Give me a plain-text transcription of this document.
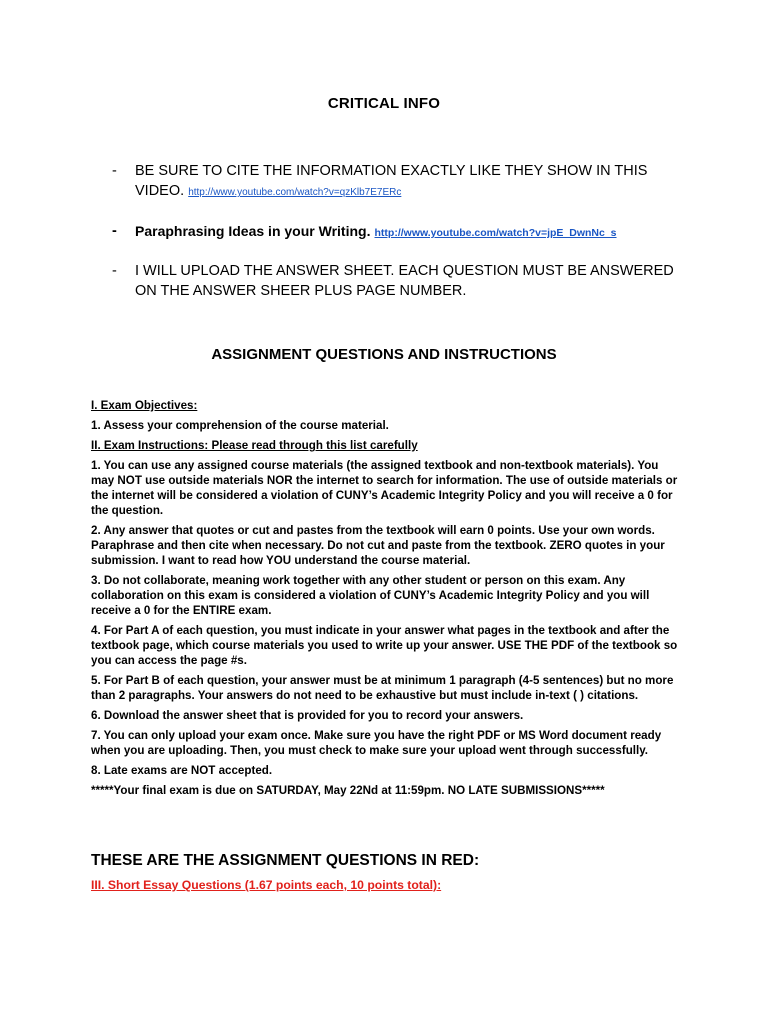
CRITICAL INFO
- BE SURE TO CITE THE INFORMATION EXACTLY LIKE THEY SHOW IN THIS VIDEO. http://www.youtube.com/watch?v=qzKlb7E7ERc
- Paraphrasing Ideas in your Writing. http://www.youtube.com/watch?v=jpE_DwnNc_s
- I WILL UPLOAD THE ANSWER SHEET. EACH QUESTION MUST BE ANSWERED ON THE ANSWER SHEER PLUS PAGE NUMBER.
ASSIGNMENT QUESTIONS AND INSTRUCTIONS

I. Exam Objectives:

1. Assess your comprehension of the course material.

II. Exam Instructions: Please read through this list carefully

1. You can use any assigned course materials (the assigned textbook and non-textbook materials). You may NOT use outside materials NOR the internet to search for information. The use of outside materials or the internet will be considered a violation of CUNY’s Academic Integrity Policy and you will receive a 0 for the question.

2. Any answer that quotes or cut and pastes from the textbook will earn 0 points. Use your own words. Paraphrase and then cite when necessary. Do not cut and paste from the textbook. ZERO quotes in your submission. I want to read how YOU understand the course material.

3. Do not collaborate, meaning work together with any other student or person on this exam. Any collaboration on this exam is considered a violation of CUNY’s Academic Integrity Policy and you will receive a 0 for the ENTIRE exam.

4. For Part A of each question, you must indicate in your answer what pages in the textbook and after the textbook page, which course materials you used to write up your answer. USE THE PDF of the textbook so you can access the page #s.

5. For Part B of each question, your answer must be at minimum 1 paragraph (4-5 sentences) but no more than 2 paragraphs. Your answers do not need to be exhaustive but must include in-text ( ) citations.

6. Download the answer sheet that is provided for you to record your answers.

7. You can only upload your exam once. Make sure you have the right PDF or MS Word document ready when you are uploading. Then, you must check to make sure your upload went through successfully.

8. Late exams are NOT accepted.

*****Your final exam is due on SATURDAY, May 22Nd at 11:59pm. NO LATE SUBMISSIONS*****

THESE ARE THE ASSIGNMENT QUESTIONS IN RED:
III. Short Essay Questions (1.67 points each, 10 points total):
